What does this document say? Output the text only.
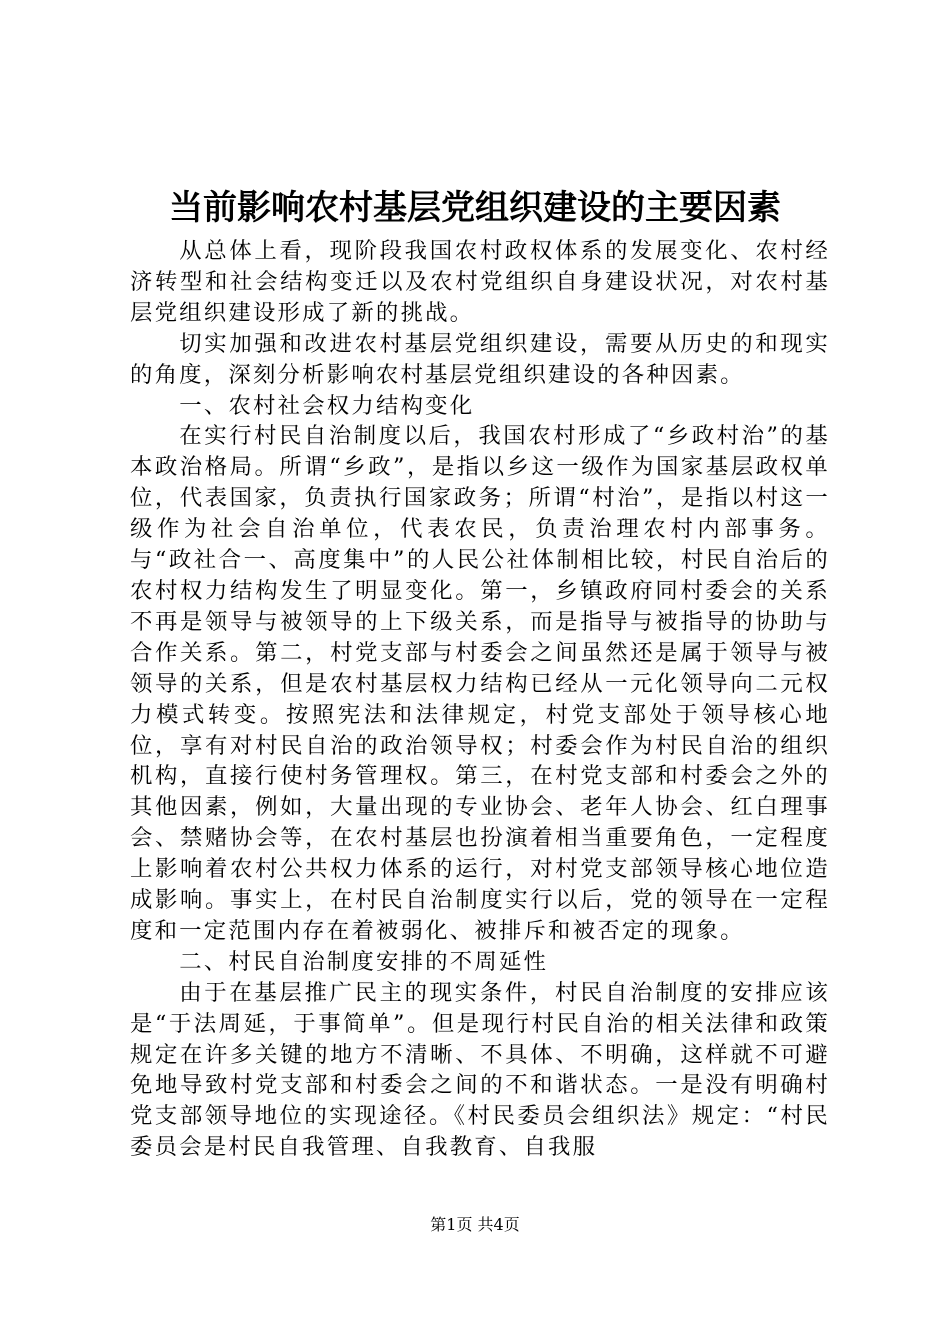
当前影响农村基层党组织建设的主要因素

从总体上看，现阶段我国农村政权体系的发展变化、农村经济转型和社会结构变迁以及农村党组织自身建设状况，对农村基层党组织建设形成了新的挑战。

切实加强和改进农村基层党组织建设，需要从历史的和现实的角度，深刻分析影响农村基层党组织建设的各种因素。

一、农村社会权力结构变化

在实行村民自治制度以后，我国农村形成了“乡政村治”的基本政治格局。所谓“乡政”，是指以乡这一级作为国家基层政权单位，代表国家，负责执行国家政务；所谓“村治”，是指以村这一级作为社会自治单位，代表农民，负责治理农村内部事务。与“政社合一、高度集中”的人民公社体制相比较，村民自治后的农村权力结构发生了明显变化。第一，乡镇政府同村委会的关系不再是领导与被领导的上下级关系，而是指导与被指导的协助与合作关系。第二，村党支部与村委会之间虽然还是属于领导与被领导的关系，但是农村基层权力结构已经从一元化领导向二元权力模式转变。按照宪法和法律规定，村党支部处于领导核心地位，享有对村民自治的政治领导权；村委会作为村民自治的组织机构，直接行使村务管理权。第三，在村党支部和村委会之外的其他因素，例如，大量出现的专业协会、老年人协会、红白理事会、禁赌协会等，在农村基层也扮演着相当重要角色，一定程度上影响着农村公共权力体系的运行，对村党支部领导核心地位造成影响。事实上，在村民自治制度实行以后，党的领导在一定程度和一定范围内存在着被弱化、被排斥和被否定的现象。

二、村民自治制度安排的不周延性

由于在基层推广民主的现实条件，村民自治制度的安排应该是“于法周延，于事简单”。但是现行村民自治的相关法律和政策规定在许多关键的地方不清晰、不具体、不明确，这样就不可避免地导致村党支部和村委会之间的不和谐状态。一是没有明确村党支部领导地位的实现途径。《村民委员会组织法》规定：“村民委员会是村民自我管理、自我教育、自我服

第1页 共4页
